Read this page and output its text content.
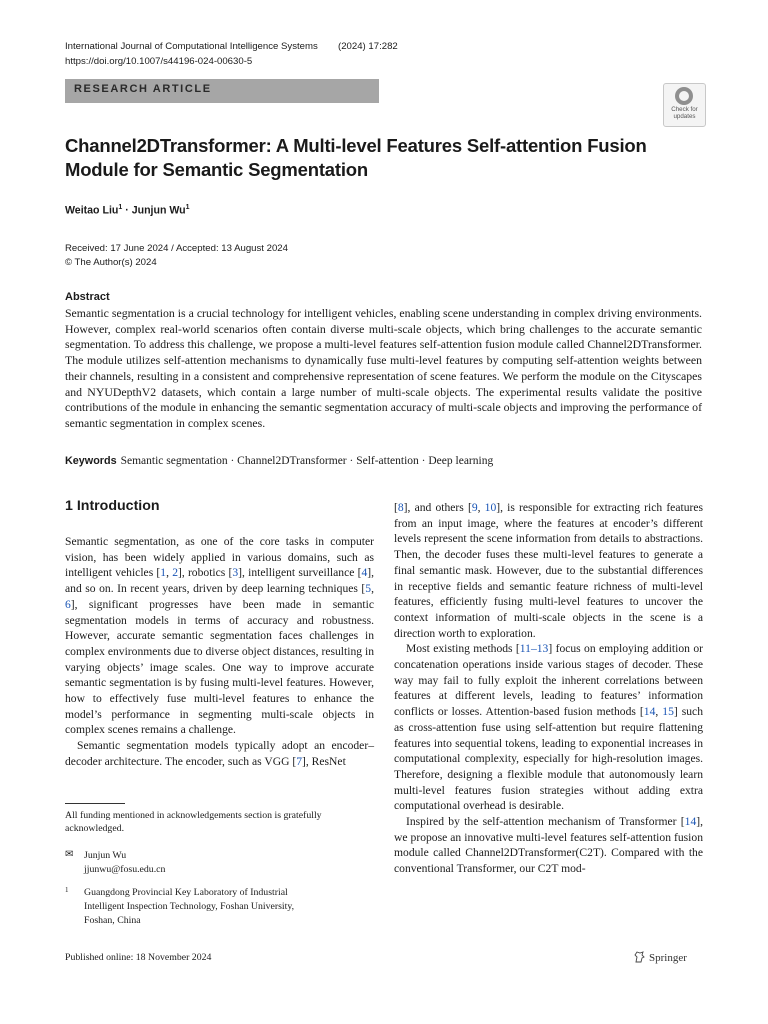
International Journal of Computational Intelligence Systems (2024) 17:282
https://doi.org/10.1007/s44196-024-00630-5
RESEARCH ARTICLE
Check for updates
Channel2DTransformer: A Multi-level Features Self-attention Fusion Module for Semantic Segmentation
Weitao Liu$^1$ · Junjun Wu$^1$
Received: 17 June 2024 / Accepted: 13 August 2024
© The Author(s) 2024
Abstract
Semantic segmentation is a crucial technology for intelligent vehicles, enabling scene understanding in complex driving environments. However, complex real-world scenarios often contain diverse multi-scale objects, which bring challenges to the accurate semantic segmentation. To address this challenge, we propose a multi-level features self-attention fusion module called Channel2DTransformer. The module utilizes self-attention mechanisms to dynamically fuse multi-level features by computing self-attention weights between their channels, resulting in a consistent and comprehensive representation of scene features. We perform the module on the Cityscapes and NYUDepthV2 datasets, which contain a large number of multi-scale objects. The experimental results validate the positive contributions of the module in enhancing the semantic segmentation accuracy of multi-scale objects and improving the performance of semantic segmentation in complex scenes.
Keywords Semantic segmentation · Channel2DTransformer · Self-attention · Deep learning
1 Introduction

Semantic segmentation, as one of the core tasks in computer vision, has been widely applied in various domains, such as intelligent vehicles [1, 2], robotics [3], intelligent surveillance [4], and so on. In recent years, driven by deep learning techniques [5, 6], significant progresses have been made in semantic segmentation models in terms of accuracy and robustness. However, accurate semantic segmentation faces challenges in complex environments due to diverse object distances, resulting in varying objects’ image scales. One way to improve accurate semantic segmentation is by fusing multi-level features. However, how to effectively fuse multi-level features to enhance the model’s performance in segmenting multi-scale objects in complex scenes remains a challenge.

Semantic segmentation models typically adopt an encoder–decoder architecture. The encoder, such as VGG [7], ResNet

[8], and others [9, 10], is responsible for extracting rich features from an input image, where the features at encoder’s different levels represent the scene information from details to abstractions. Then, the decoder fuses these multi-level features to generate a final semantic mask. However, due to the substantial differences in receptive fields and semantic feature richness of multi-level features, efficiently fusing multi-level features to uncover the context information of multi-scale objects in the scene is a direction worth to exploration.

Most existing methods [11–13] focus on employing addition or concatenation operations inside various stages of decoder. These way may fail to fully exploit the inherent correlations between features at different levels, leading to features’ information conflicts or losses. Attention-based fusion methods [14, 15] such as cross-attention fuse using self-attention but require flattening features into sequential tokens, leading to exponential increases in computational complexity, especially for high-resolution images. Therefore, designing a flexible module that autonomously learn multi-level features fusion strategies without adding extra computational overhead is desirable.

Inspired by the self-attention mechanism of Transformer [14], we propose an innovative multi-level features self-attention fusion module called Channel2DTransformer(C2T). Compared with the conventional Transformer, our C2T mod-

All funding mentioned in acknowledgements section is gratefully acknowledged.
✉ Junjun Wu
jjunwu@fosu.edu.cn
1 Guangdong Provincial Key Laboratory of Industrial
Intelligent Inspection Technology, Foshan University,
Foshan, China
Published online: 18 November 2024	Springer
